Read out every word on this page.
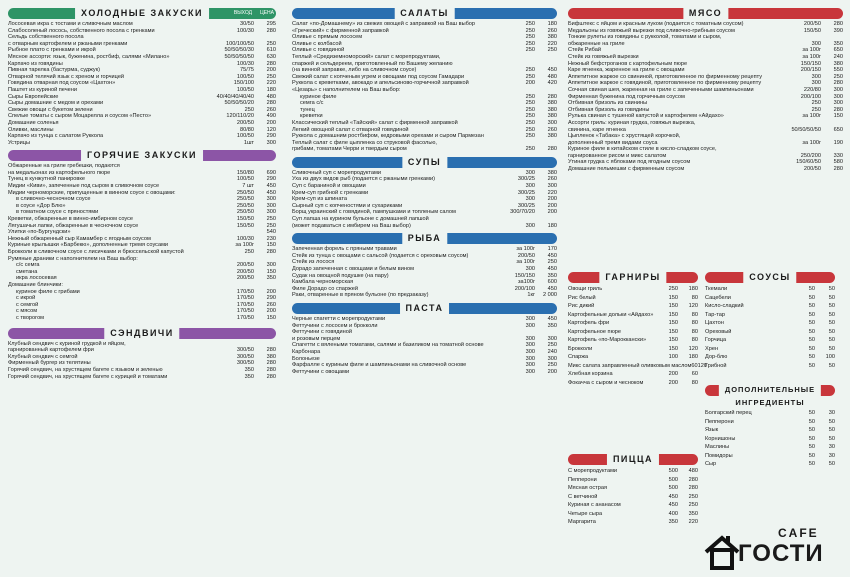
ХОЛОДНЫЕ ЗАКУСКИ	ВЫХОД ЦЕНА
Лососевая икра с тостами и сливочным маслом	30/50	295
Слабосоленый лосось, собственного посола с гренками	100/30	280
Сельдь собственного посола
с отварным картофелем и ржаными гренками	100/100/50	250
Рыбное плато с гренками и икрой	50/50/50/30	610
Мясное ассорти: язык, буженина, ростбиф, салями «Милано»	50/50/50/50	630
Карпачо из говядины	100/30	280
Пивная тарелка (бастурма, суджук)	75/75	200
Отварной телячий язык с хреном и горчицей	100/50	250
Говядина отварная под соусом «Цахтон»	150/100	220
Паштет из куриной печени	100/50	180
Сыры Европейские	40/40/40/40/40	480
Сыры домашние с медом и орехами	50/50/50/20	280
Свежие овощи с букетом зелени	250	260
Спелые томаты с сыром Моцарелла и соусом «Песто»	120/110/20	490
Домашние соленья	200/50	200
Оливки, маслины	80/80	120
Карпачо из тунца с салатом Руккола	100/50	290
Устрицы	1шт	300
ГОРЯЧИЕ ЗАКУСКИ
Обжаренные на гриле гребешки, подаются
на медальонах из картофельного пюре	150/80	690
Тунец в кунжутной панировке	100/50	290
Мидии «Киви», запеченные под сыром в сливочном соусе	7 шт	450
Мидии черноморские, припущенные в винном соусе с овощами:	250/50	450
в сливочно-чесночном соусе	250/50	300
в соусе «Дор Блю»	250/50	300
в томатном соусе с пряностями	250/50	300
Креветки, обжаренные в винно-имбирном соусе	150/50	250
Лягушачьи лапки, обжаренные в чесночном соусе	150/50	250
Улитки «по-Бургундски»	540
Нежный обжаренный сыр Камамбер с ягодным соусом	100/30	230
Куриные крылышки «Барбекю», дополненные тремя соусами	за 100г	150
Брокколи в сливочном соусе с лисичками и брюссельской капустой	250	280
Румяные драники с наполнителем на Ваш выбор:
с/с семга	200/50	300
сметана	200/50	150
икра лососевая	200/50	350
Домашние блинчики:
куриное филе с грибами	170/50	200
с икрой	170/50	290
с семгой	170/50	260
с мясом	170/50	200
с творогом	170/50	150
СЭНДВИЧИ
Клубный сендвич с куриной грудкой и яйцом,
гарнированный картофелем фри	300/50	280
Клубный сендвич с семгой	300/50	380
Фирменный бургер из телятины	300/50	280
Горячий сендвич, на хрустящем багете с языком и зеленью	350	280
Горячий сендвич, на хрустящем багете с курицей и томатами	350	280
САЛАТЫ
Салат «по-Домашнему» из свежих овощей с заправкой на Ваш выбор	250	180
«Греческий» с фирменной заправкой	250	260
Оливье с прямым лососем	250	380
Оливье с колбасой	250	220
Оливье с говядиной	250	250
Теплый «Средиземноморский» салат с морепродуктами,
спаржей и сельдереем, приготовленный по Вашему желанию
(на винной заправке, либо на сливочном соусе)	250	450
Свежий салат с копченым угрем и овощами под соусом Гамадари	250	480
Руккола с креветками, авокадо и апельсиново-горчичной заправкой	200	420
«Цезарь» с наполнителем на Ваш выбор:
куриное филе	250	280
семга с/с	250	380
тунец	250	380
креветки	250	380
Классический теплый «Тайский» салат с фирменной заправкой	250	300
Легкий овощной салат с отварной говядиной	250	260
Руккола с домашним ростбифом, кедровыми орехами и сыром Пармезан	250	380
Теплый салат с филе цыпленка со струковой фасолью,
грибами, томатами Черри и твердым сыром	250	280
СУПЫ
Сливочный суп с морепродуктами	300	380
Уха из двух видов рыб (подается с ржаными гренками)	300/25	260
Суп с бараниной и овощами	300	300
Крем-суп грибной с гренками	300/25	220
Крем-суп из шпината	300	200
Сырный суп с копченостями и сухариками	300/25	200
Борщ украинский с говядиной, пампушками и топленым салом	300/70/20	200
Суп лапша на курином бульоне с домашней лапшой
(может подаваться с имбирем на Ваш выбор)	300	180
РЫБА
Запеченная форель с пряными травами	за 100г	170
Стейк из тунца с овощами с сальсой (подается с ореховым соусом)	200/50	450
Стейк из лосося	за 100г	250
Дорадо запеченная с овощами и белым вином	300	450
Судак на овощной подушке (на пару)	150/150	350
Камбала черноморская	за100г	600
Филе Дорадо со спаржей	200/100	450
Раки, отваренные в пряном бульоне (по предзаказу)	1кг	2 000
ПАСТА
Черные спагетти с морепродуктами	300	450
Феттучини с лососем и брокколи	300	350
Феттучини с говядиной
и розовым перцем	300	300
Спагетти с вялеными томатами, салями и базиликом на томатной основе	300	250
Карбонара	300	240
Болоньезе	300	300
Фарфалле с куриным филе и шампиньонами на сливочной основе	300	250
Феттучини с овощами	300	200
МЯСО
Бифштекс с яйцом и красным луком (подается с томатным соусом)	200/50	280
Медальоны из говяжьей вырезки под сливочно-грибным соусом	150/50	390
Тонкие рулеты из говядины с рукколой, томатами и сыром,
обжаренные на гриле	300	350
Стейк Рибай	за 100г	650
Стейк из говяжьей вырезки	за 100г	240
Нежный бефстроганов с картофельным пюре	150/150	380
Каре ягненка, жаренное на гриле с овощами	200/150	550
Аппетитное жаркое со свининой, приготовленное по фирменному рецепту	300	250
Аппетитное жаркое с говядиной, приготовленное по фирменному рецепту	300	280
Сочная свиная шея, жаренная на гриле с запеченными шампиньонами	220/80	300
Фирменная буженина под горчичным соусом	200/100	300
Отбивная бризоль из свинины	250	300
Отбивная бризоль из говядины	250	280
Рулька свиная с тушеной капустой и картофелем «Айдахо»	за 100г	150
Ассорти гриль: куриная грудка, говяжья вырезка,
свинина, каре ягненка	50/50/50/50	650
Цыпленок «Табака» с хрустящей корочкой,
дополненный тремя видами соуса	за 100г	190
Куриное филе в китайском стиле в кисло-сладком соусе,
гарнированное рисом и микс салатом	250/200	330
Утиная грудка с яблоками под ягодным соусом	150/60/50	580
Домашние пельмешки с фирменным соусом	200/50	280
ГАРНИРЫ
Овощи гриль	250	180
Рис белый	150	80
Рис дикий	150	120
Картофельные дольки «Айдахо»	150	80
Картофель фри	150	80
Картофельное пюре	150	80
Картофель «по-Мароккански»	150	80
Брокколи	150	120
Спаржа	100	180
Микс салата заправленный оливковым маслом 60 120
Хлебная корзина	200	60
Фокачча с сыром и чесноком	200	80
СОУСЫ
Ткемали	50	50
Сацебели	50	50
Кисло-сладкий	50	50
Тар-тар	50	50
Цахтон	50	50
Ореховый	50	50
Горчица	50	50
Хрен	50	50
Дор-блю	50	100
Грибной	50	50
ДОПОЛНИТЕЛЬНЫЕ
ИНГРЕДИЕНТЫ
Болгарский перец	50	30
Пепперони	50	50
Язык	50	50
Корнишоны	50	50
Маслины	50	30
Помидоры	50	30
Сыр	50	50
ПИЦЦА
С морепродуктами	500	480
Пепперони	500	280
Мясная острая	500	280
С ветчиной	450	250
Куриная с ананасом	450	250
Четыре сыра	400	350
Маргарита	350	220
CAFE
ГОСТИ
